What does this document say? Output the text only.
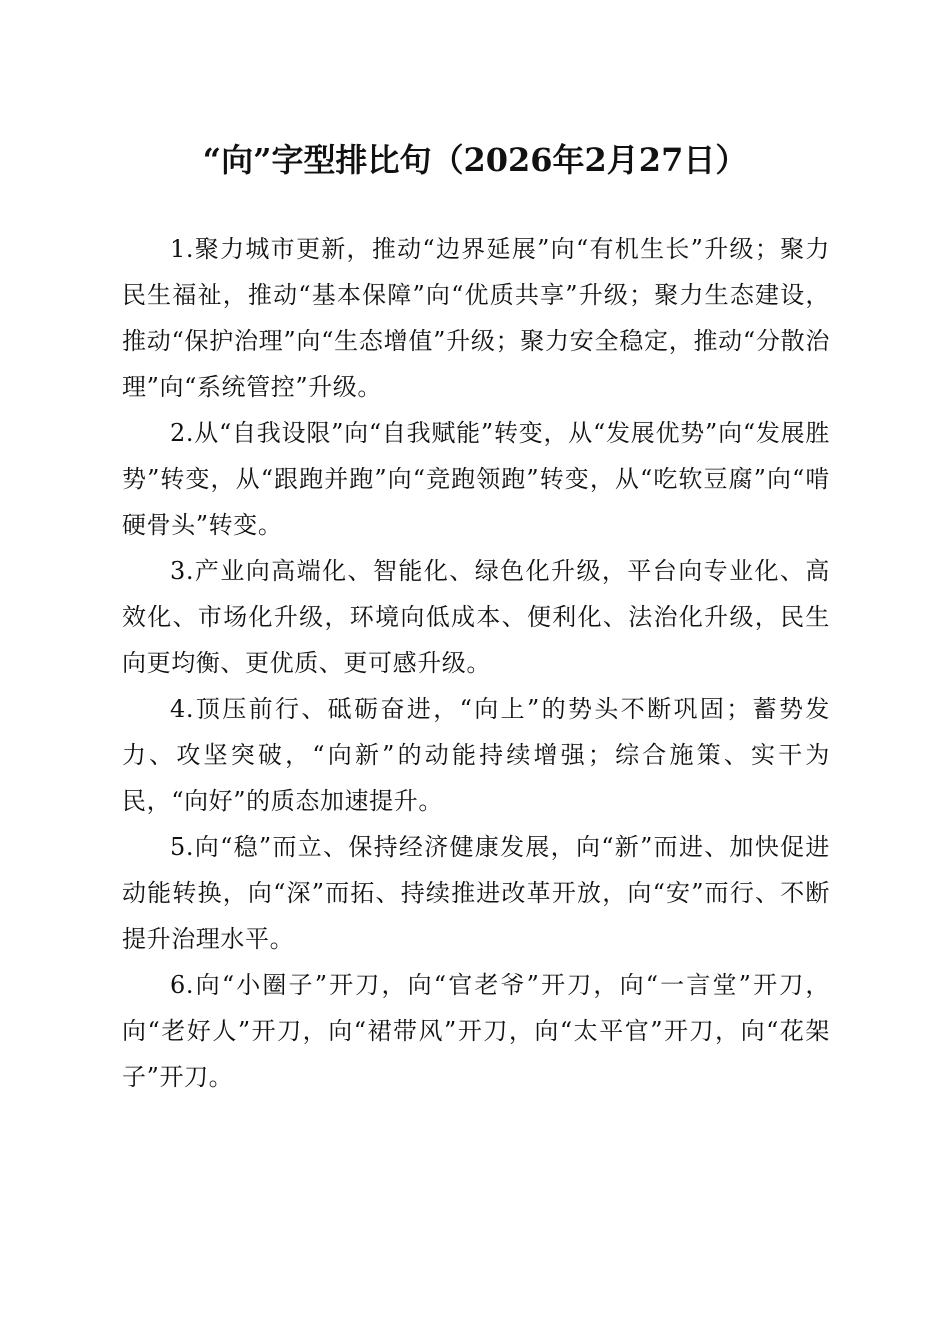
“向”字型排比句（2026年2月27日）

1.聚力城市更新，推动“边界延展”向“有机生长”升级；聚力民生福祉，推动“基本保障”向“优质共享”升级；聚力生态建设，推动“保护治理”向“生态增值”升级；聚力安全稳定，推动“分散治理”向“系统管控”升级。

2.从“自我设限”向“自我赋能”转变，从“发展优势”向“发展胜势”转变，从“跟跑并跑”向“竞跑领跑”转变，从“吃软豆腐”向“啃硬骨头”转变。

3.产业向高端化、智能化、绿色化升级，平台向专业化、高效化、市场化升级，环境向低成本、便利化、法治化升级，民生向更均衡、更优质、更可感升级。

4.顶压前行、砥砺奋进，“向上”的势头不断巩固；蓄势发力、攻坚突破，“向新”的动能持续增强；综合施策、实干为民，“向好”的质态加速提升。

5.向“稳”而立、保持经济健康发展，向“新”而进、加快促进动能转换，向“深”而拓、持续推进改革开放，向“安”而行、不断提升治理水平。

6.向“小圈子”开刀，向“官老爷”开刀，向“一言堂”开刀，向“老好人”开刀，向“裙带风”开刀，向“太平官”开刀，向“花架子”开刀。
